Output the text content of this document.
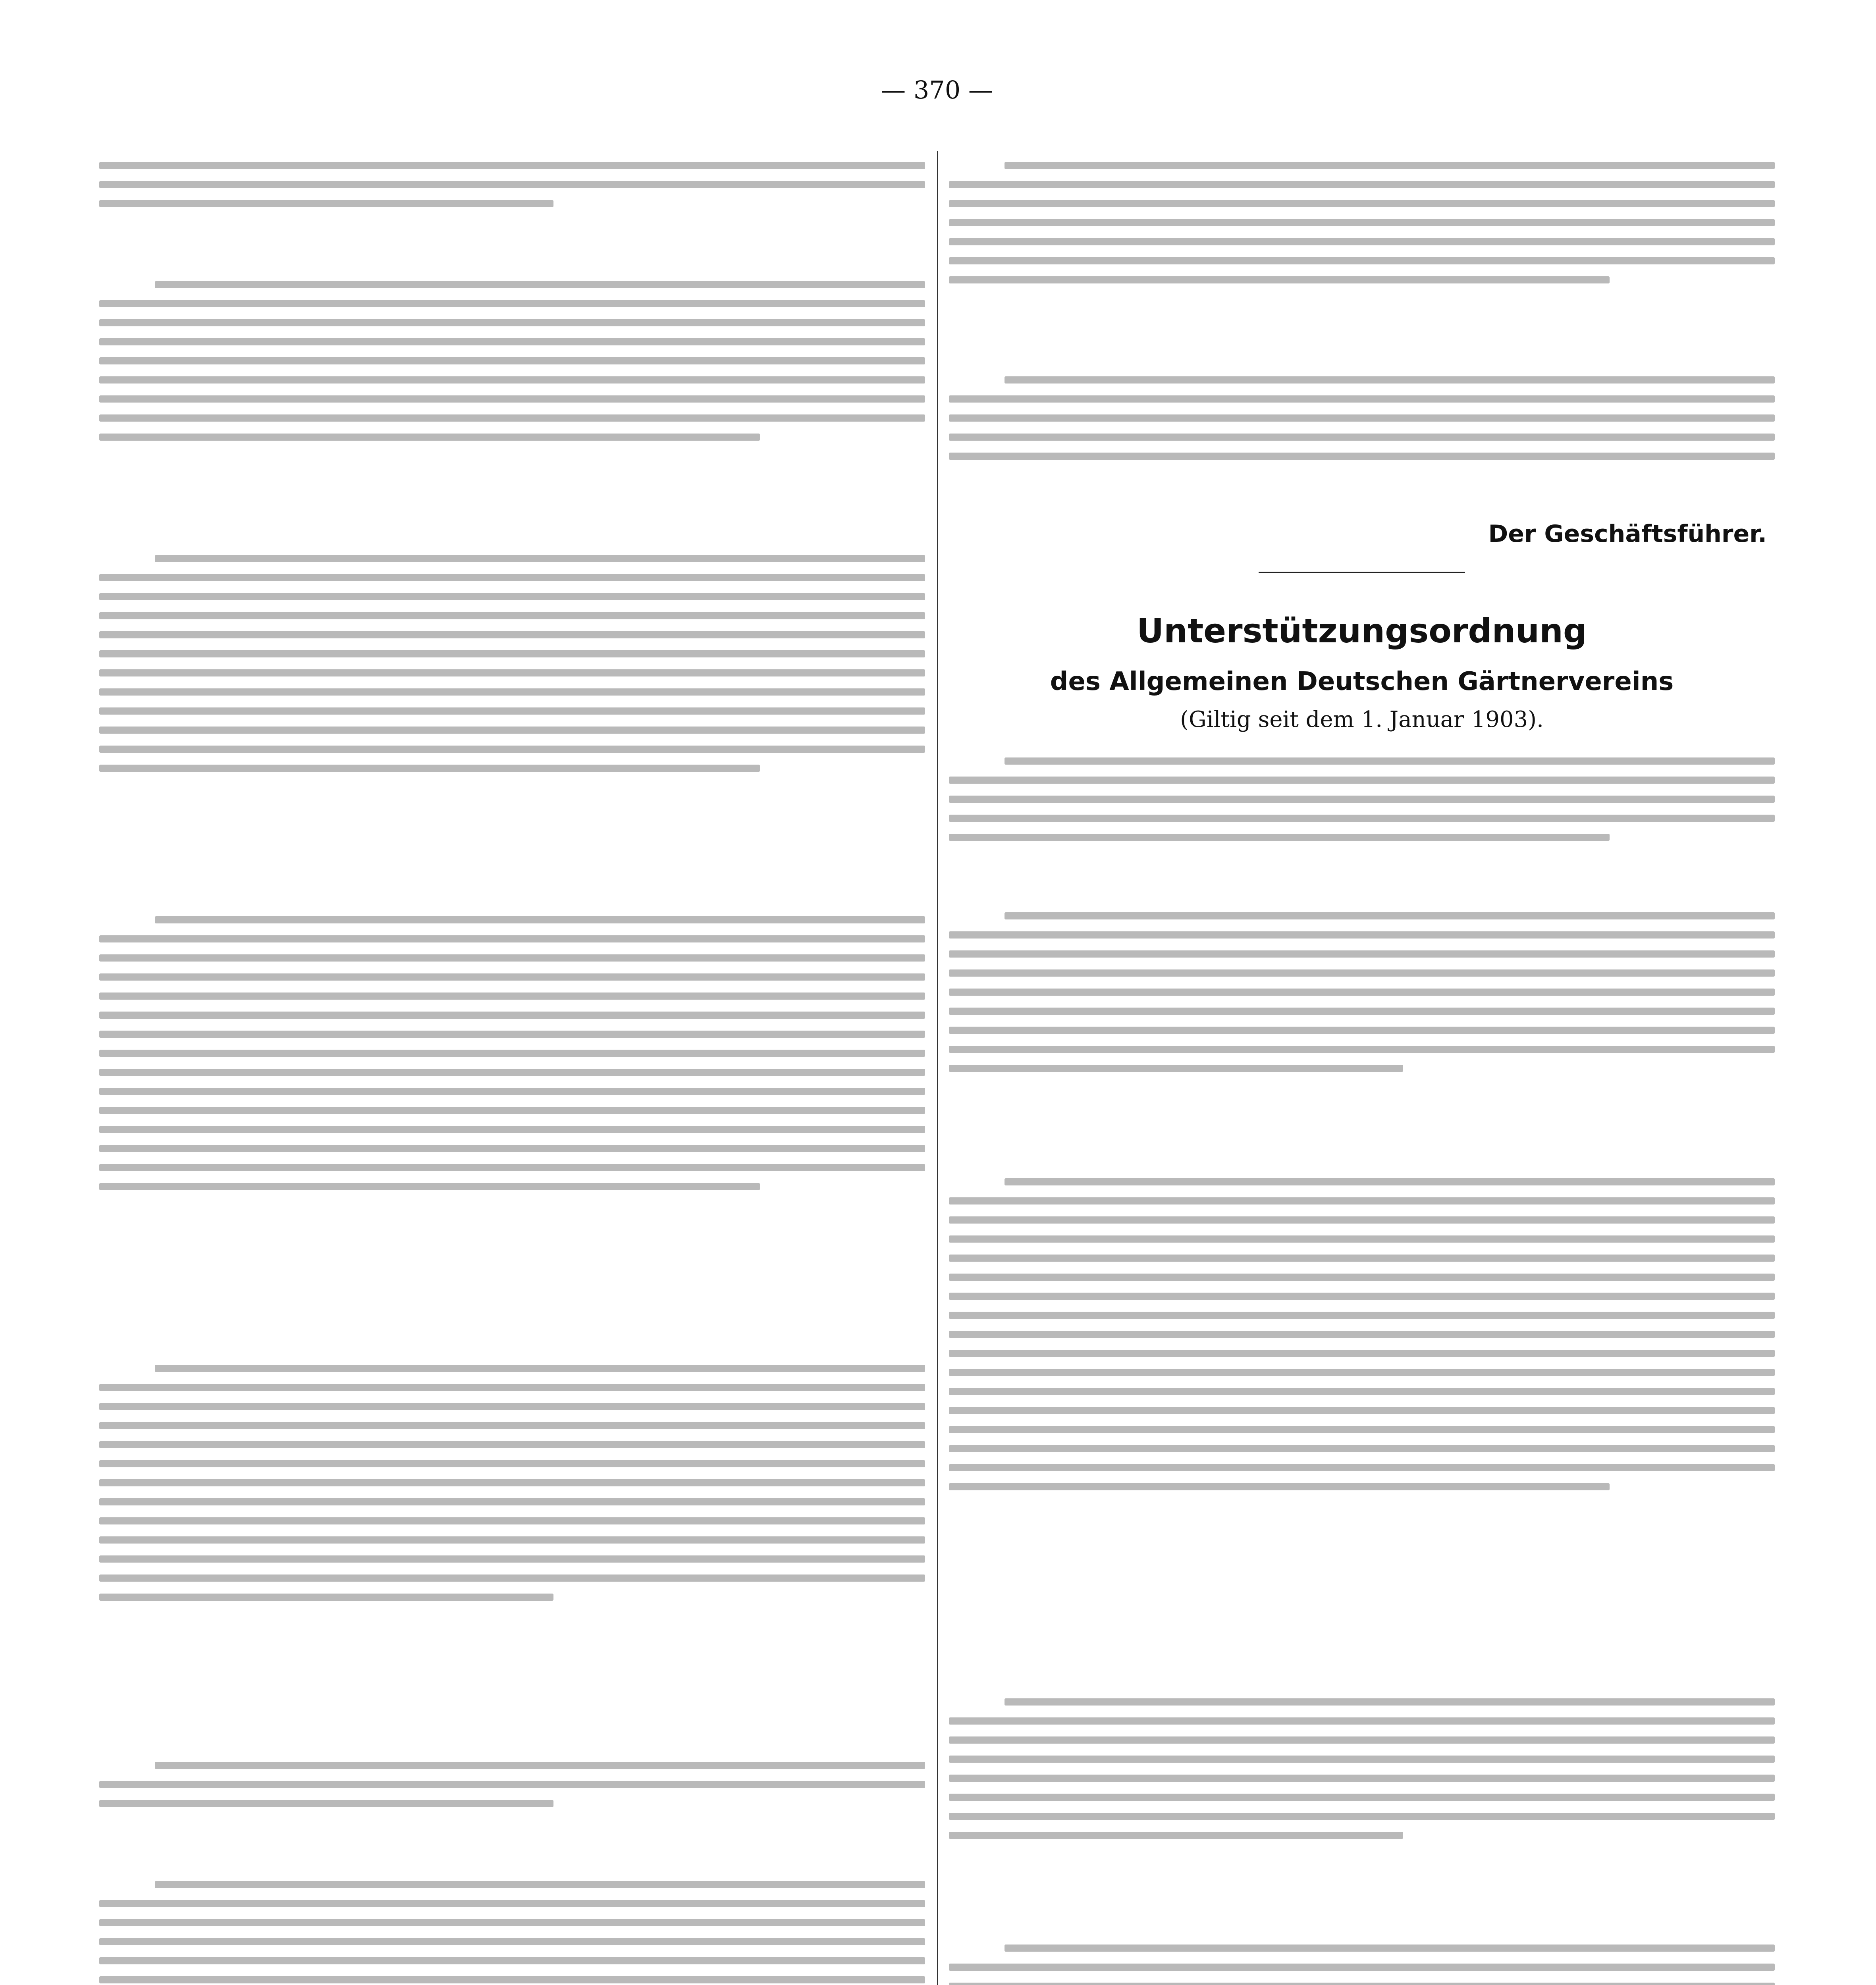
— 370 —
Der Geschäftsführer.
Unterstützungsordnung
des Allgemeinen Deutschen Gärtnervereins
(Giltig seit dem 1. Januar 1903).
